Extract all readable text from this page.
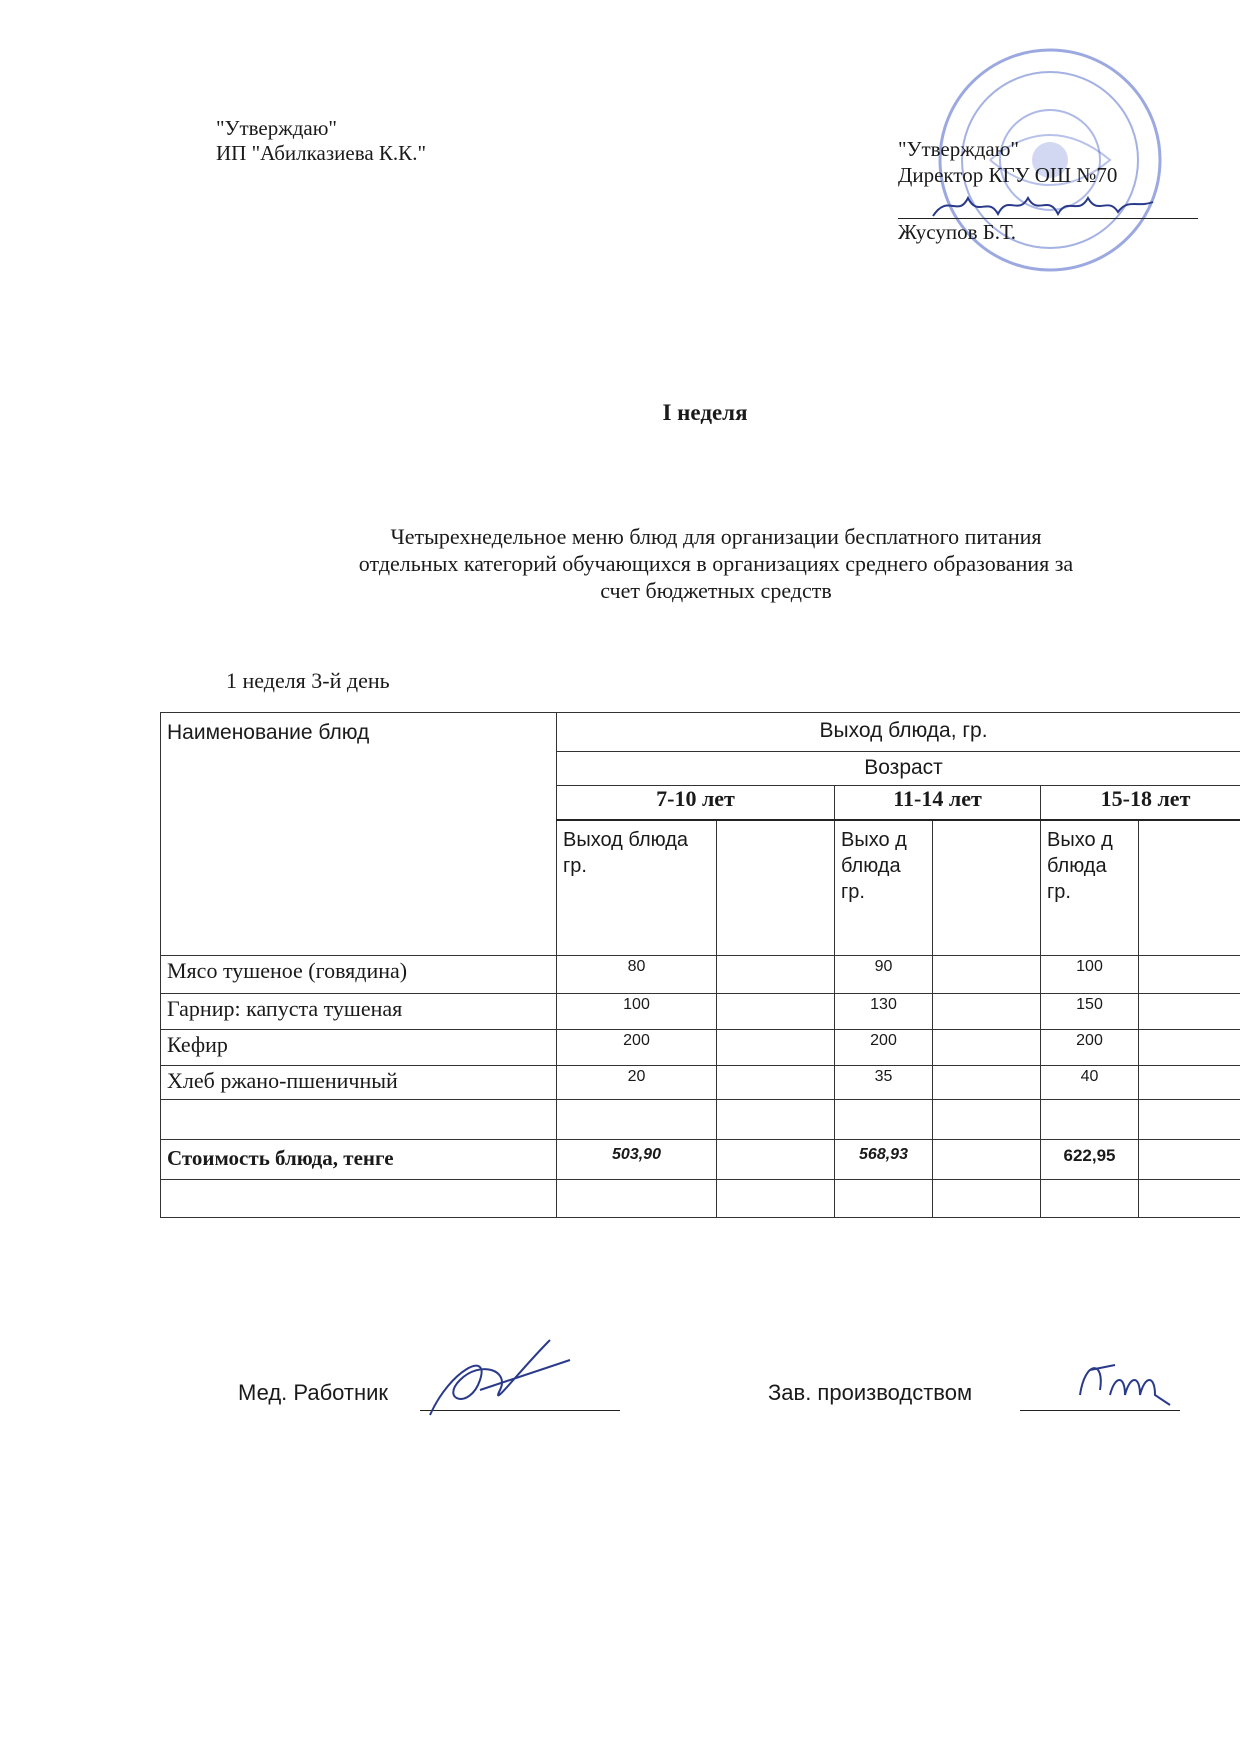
"Утверждаю"
ИП "Абилказиева К.К."	"Утверждаю"
Директор КГУ ОШ №70
Жусупов Б.Т.
I неделя
Четырехнедельное меню блюд для организации бесплатного питания
отдельных категорий обучающихся в организациях среднего образования за
счет бюджетных средств
1 неделя 3-й день
Наименование блюд	Выход блюда, гр.					
	Возраст					
	7-10 лет		11-14 лет		15-18 лет	
	Выход блюда гр.		Выхо д блюда гр.		Выхо д блюда гр.	
Мясо тушеное (говядина)	80		90		100	
Гарнир: капуста тушеная	100		130		150	
Кефир	200		200		200	
Хлеб ржано-пшеничный	20		35		40	

Стоимость блюда, тенге	503,90		568,93		622,95	

Мед. Работник	Зав. производством
